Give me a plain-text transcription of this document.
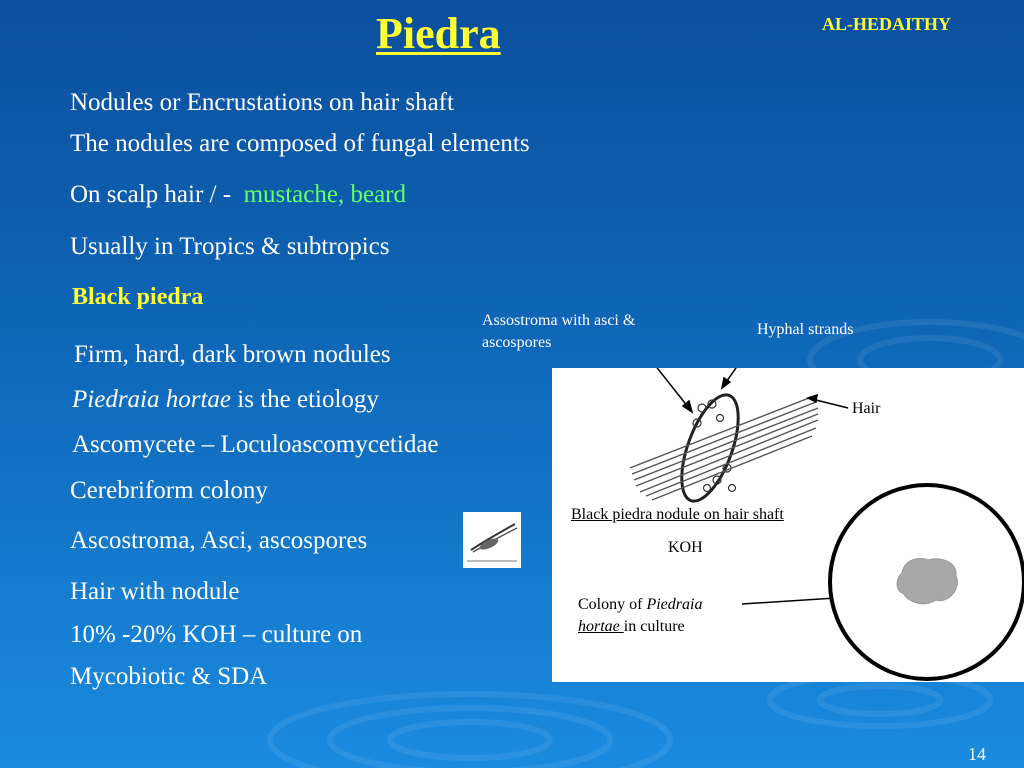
Piedra	AL-HEDAITHY
Nodules or Encrustations on hair shaft
The nodules are composed of fungal elements
On scalp hair / - mustache, beard
Usually in Tropics & subtropics
Black piedra
Firm, hard, dark brown nodules
Piedraia hortae is the etiology
Ascomycete – Loculoascomycetidae
Cerebriform colony
Ascostroma, Asci, ascospores
Hair with nodule
10% -20% KOH – culture on
Mycobiotic & SDA
Assostroma with asci &
ascospores
Hyphal strands
Hair
Black piedra nodule on hair shaft
KOH
Colony of Piedraia
hortae in culture
14
